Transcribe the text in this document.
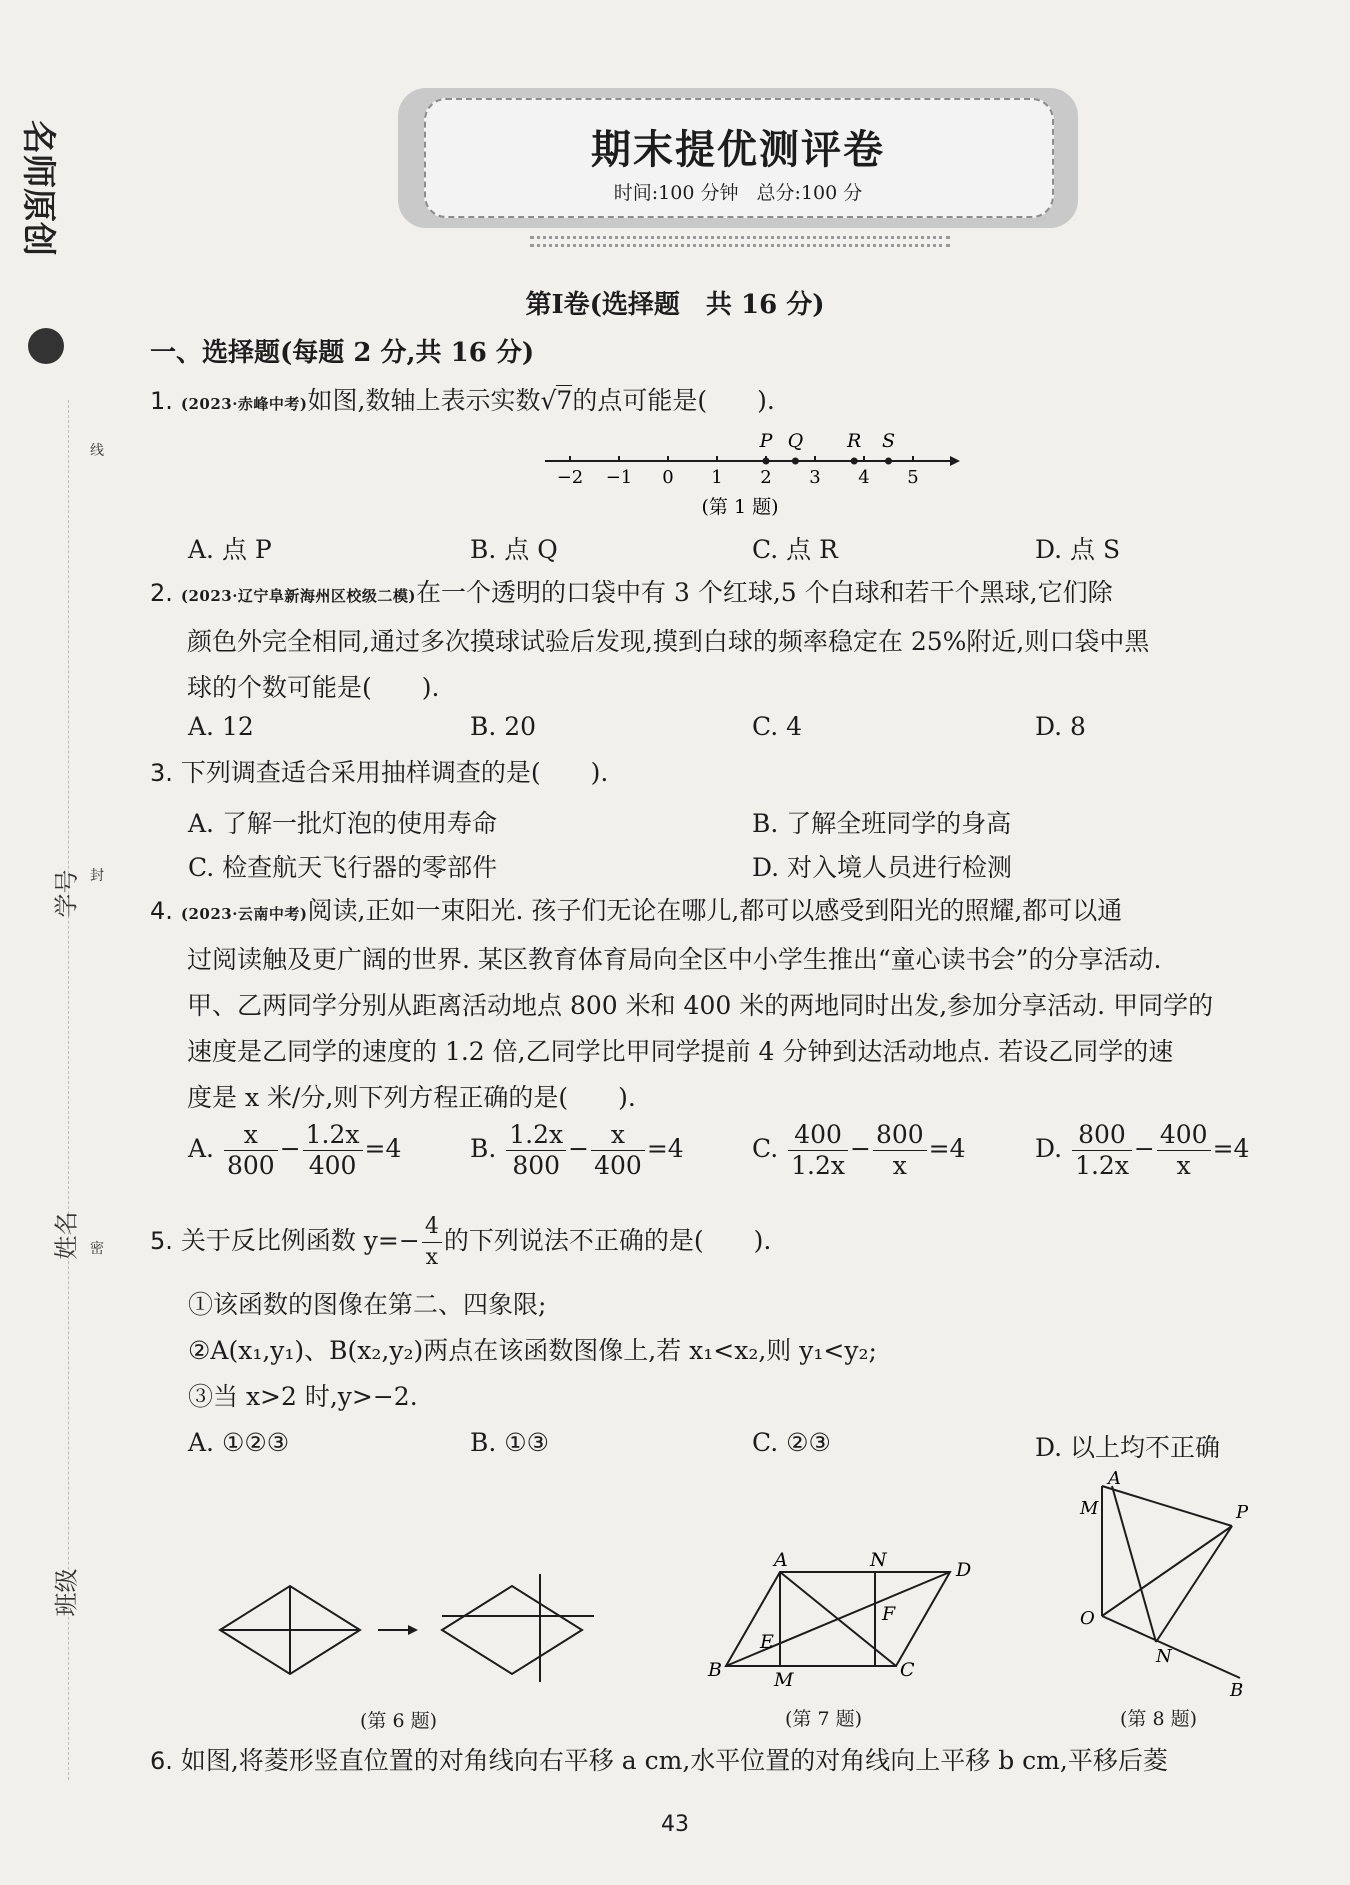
期末提优测评卷
时间:100 分钟   总分:100 分
名师原创
线
封
密
学号
姓名
班级
第Ⅰ卷(选择题　共 16 分)
一、选择题(每题 2 分,共 16 分)
1. (2023·赤峰中考)如图,数轴上表示实数√7的点可能是(　　).
−2 −1 0 1 2 3 4 5
P Q R S
(第 1 题)
A. 点 P	B. 点 Q	C. 点 R	D. 点 S
2. (2023·辽宁阜新海州区校级二模)在一个透明的口袋中有 3 个红球,5 个白球和若干个黑球,它们除
颜色外完全相同,通过多次摸球试验后发现,摸到白球的频率稳定在 25%附近,则口袋中黑
球的个数可能是(　　).
A. 12	B. 20	C. 4	D. 8
3. 下列调查适合采用抽样调查的是(　　).
A. 了解一批灯泡的使用寿命	B. 了解全班同学的身高
C. 检查航天飞行器的零部件	D. 对入境人员进行检测
4. (2023·云南中考)阅读,正如一束阳光. 孩子们无论在哪儿,都可以感受到阳光的照耀,都可以通
过阅读触及更广阔的世界. 某区教育体育局向全区中小学生推出“童心读书会”的分享活动.
甲、乙两同学分别从距离活动地点 800 米和 400 米的两地同时出发,参加分享活动. 甲同学的
速度是乙同学的速度的 1.2 倍,乙同学比甲同学提前 4 分钟到达活动地点. 若设乙同学的速
度是 x 米/分,则下列方程正确的是(　　).
A. $\frac{x}{800} - \frac{1.2x}{400} =4$	B. $\frac{1.2x}{800} - \frac{x}{400} =4$	C. $\frac{400}{1.2x} - \frac{800}{x} =4$	D. $\frac{800}{1.2x} - \frac{400}{x} =4$
5. 关于反比例函数 $y=- \frac{4}{x}$ 的下列说法不正确的是(　　).
①该函数的图像在第二、四象限;
②A(x₁,y₁)、B(x₂,y₂)两点在该函数图像上,若 x₁<x₂,则 y₁<y₂;
③当 x>2 时,y>−2.
A. ①②③	B. ①③	C. ②③	D. 以上均不正确
(第 6 题)
A	N	D
F
E
B	M	C
(第 7 题)
A
M	P
O
N
B
(第 8 题)
6. 如图,将菱形竖直位置的对角线向右平移 a cm,水平位置的对角线向上平移 b cm,平移后菱
43
